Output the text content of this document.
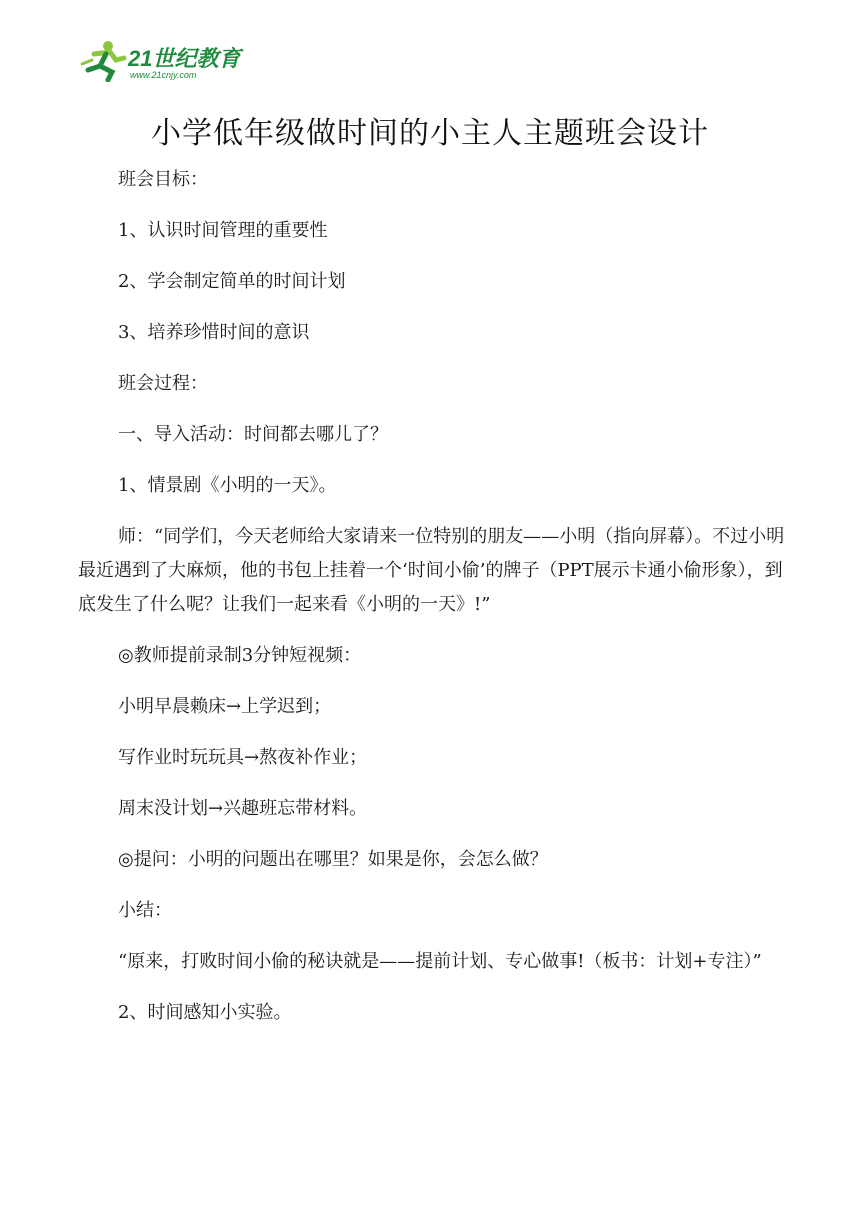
21世纪教育
www.21cnjy.com
小学低年级做时间的小主人主题班会设计

班会目标：

1、认识时间管理的重要性

2、学会制定简单的时间计划

3、培养珍惜时间的意识

班会过程：

一、导入活动：时间都去哪儿了？

1、情景剧《小明的一天》。

师：“同学们，今天老师给大家请来一位特别的朋友——小明（指向屏幕）。不过小明最近遇到了大麻烦，他的书包上挂着一个‘时间小偷’的牌子（PPT展示卡通小偷形象），到底发生了什么呢？让我们一起来看《小明的一天》!”

◎教师提前录制3分钟短视频：

小明早晨赖床→上学迟到；

写作业时玩玩具→熬夜补作业；

周末没计划→兴趣班忘带材料。

◎提问：小明的问题出在哪里？如果是你，会怎么做？

小结：

“原来，打败时间小偷的秘诀就是——提前计划、专心做事!（板书：计划+专注）”

2、时间感知小实验。
